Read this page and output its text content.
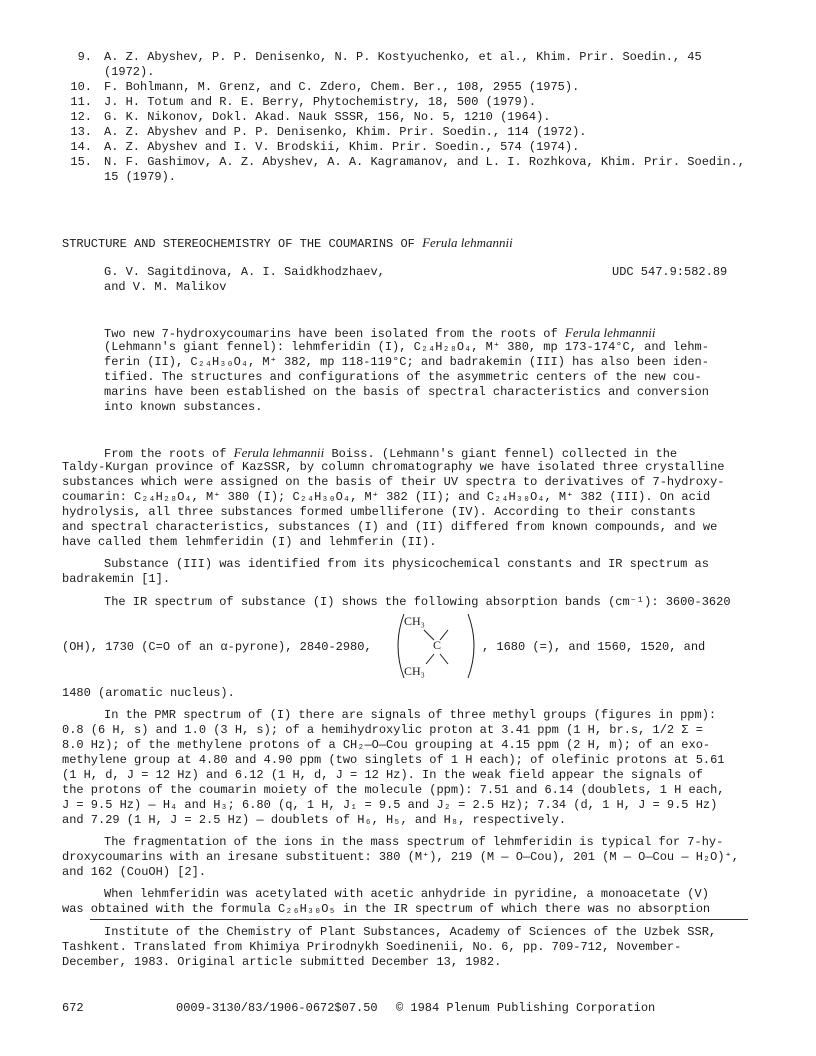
9. A. Z. Abyshev, P. P. Denisenko, N. P. Kostyuchenko, et al., Khim. Prir. Soedin., 45
(1972).
10. F. Bohlmann, M. Grenz, and C. Zdero, Chem. Ber., 108, 2955 (1975).
11. J. H. Totum and R. E. Berry, Phytochemistry, 18, 500 (1979).
12. G. K. Nikonov, Dokl. Akad. Nauk SSSR, 156, No. 5, 1210 (1964).
13. A. Z. Abyshev and P. P. Denisenko, Khim. Prir. Soedin., 114 (1972).
14. A. Z. Abyshev and I. V. Brodskii, Khim. Prir. Soedin., 574 (1974).
15. N. F. Gashimov, A. Z. Abyshev, A. A. Kagramanov, and L. I. Rozhkova, Khim. Prir. Soedin.,
15 (1979).
STRUCTURE AND STEREOCHEMISTRY OF THE COUMARINS OF Ferula lehmannii
G. V. Sagitdinova, A. I. Saidkhodzhaev,
and V. M. Malikov
UDC 547.9:582.89
Two new 7-hydroxycoumarins have been isolated from the roots of Ferula lehmannii
(Lehmann's giant fennel): lehmferidin (I), C₂₄H₂₈O₄, M⁺ 380, mp 173-174°C, and lehm-
ferin (II), C₂₄H₃₀O₄, M⁺ 382, mp 118-119°C; and badrakemin (III) has also been iden-
tified. The structures and configurations of the asymmetric centers of the new cou-
marins have been established on the basis of spectral characteristics and conversion
into known substances.
From the roots of Ferula lehmannii Boiss. (Lehmann's giant fennel) collected in the
Taldy-Kurgan province of KazSSR, by column chromatography we have isolated three crystalline
substances which were assigned on the basis of their UV spectra to derivatives of 7-hydroxy-
coumarin: C₂₄H₂₈O₄, M⁺ 380 (I); C₂₄H₃₀O₄, M⁺ 382 (II); and C₂₄H₃₀O₄, M⁺ 382 (III). On acid
hydrolysis, all three substances formed umbelliferone (IV). According to their constants
and spectral characteristics, substances (I) and (II) differed from known compounds, and we
have called them lehmferidin (I) and lehmferin (II).
Substance (III) was identified from its physicochemical constants and IR spectrum as
badrakemin [1].
The IR spectrum of substance (I) shows the following absorption bands (cm⁻¹): 3600-3620
(OH), 1730 (C=O of an α-pyrone), 2840-2980,
CH₃
C
CH₃
, 1680 (=), and 1560, 1520, and
1480 (aromatic nucleus).
In the PMR spectrum of (I) there are signals of three methyl groups (figures in ppm):
0.8 (6 H, s) and 1.0 (3 H, s); of a hemihydroxylic proton at 3.41 ppm (1 H, br.s, 1/2 Σ =
8.0 Hz); of the methylene protons of a CH₂—O—Cou grouping at 4.15 ppm (2 H, m); of an exo-
methylene group at 4.80 and 4.90 ppm (two singlets of 1 H each); of olefinic protons at 5.61
(1 H, d, J = 12 Hz) and 6.12 (1 H, d, J = 12 Hz). In the weak field appear the signals of
the protons of the coumarin moiety of the molecule (ppm): 7.51 and 6.14 (doublets, 1 H each,
J = 9.5 Hz) — H₄ and H₃; 6.80 (q, 1 H, J₁ = 9.5 and J₂ = 2.5 Hz); 7.34 (d, 1 H, J = 9.5 Hz)
and 7.29 (1 H, J = 2.5 Hz) — doublets of H₆, H₅, and H₈, respectively.
The fragmentation of the ions in the mass spectrum of lehmferidin is typical for 7-hy-
droxycoumarins with an iresane substituent: 380 (M⁺), 219 (M — O—Cou), 201 (M — O—Cou — H₂O)⁺,
and 162 (CouOH) [2].
When lehmferidin was acetylated with acetic anhydride in pyridine, a monoacetate (V)
was obtained with the formula C₂₆H₃₀O₅ in the IR spectrum of which there was no absorption
Institute of the Chemistry of Plant Substances, Academy of Sciences of the Uzbek SSR,
Tashkent. Translated from Khimiya Prirodnykh Soedinenii, No. 6, pp. 709-712, November-
December, 1983. Original article submitted December 13, 1982.
672	0009-3130/83/1906-0672$07.50 © 1984 Plenum Publishing Corporation
